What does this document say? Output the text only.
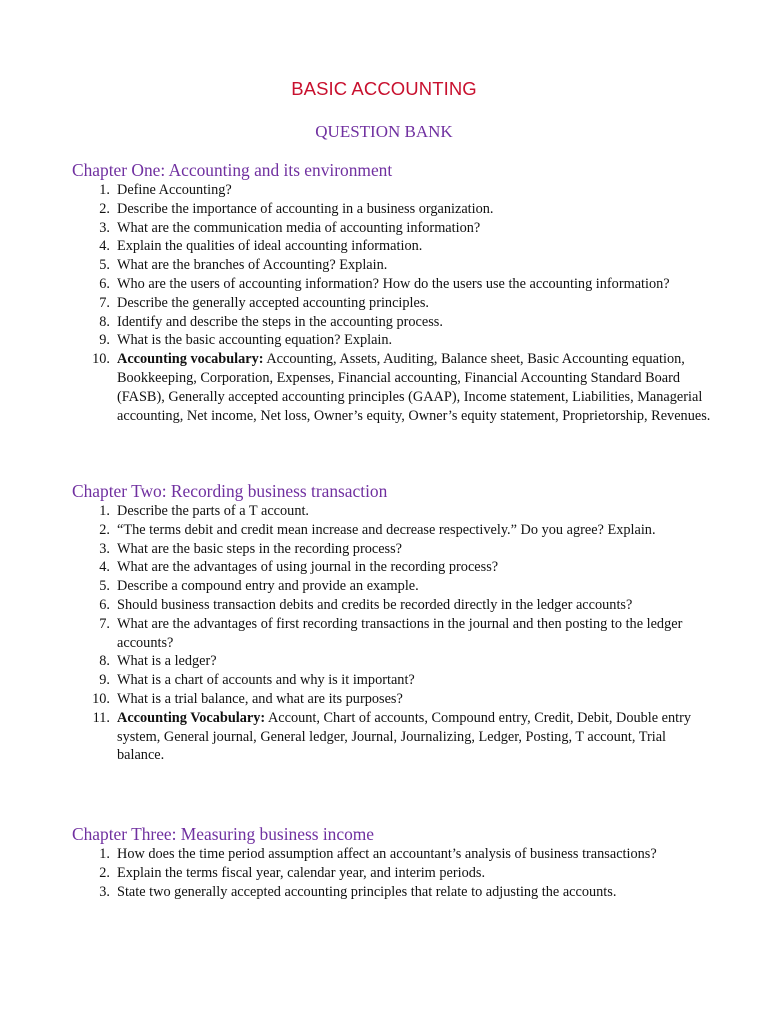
BASIC ACCOUNTING
QUESTION BANK
Chapter One: Accounting and its environment
1. Define Accounting?
2. Describe the importance of accounting in a business organization.
3. What are the communication media of accounting information?
4. Explain the qualities of ideal accounting information.
5. What are the branches of Accounting? Explain.
6. Who are the users of accounting information? How do the users use the accounting information?
7. Describe the generally accepted accounting principles.
8. Identify and describe the steps in the accounting process.
9. What is the basic accounting equation? Explain.
10. Accounting vocabulary: Accounting, Assets, Auditing, Balance sheet, Basic Accounting equation, Bookkeeping, Corporation, Expenses, Financial accounting, Financial Accounting Standard Board (FASB), Generally accepted accounting principles (GAAP), Income statement, Liabilities, Managerial accounting, Net income, Net loss, Owner’s equity, Owner’s equity statement, Proprietorship, Revenues.
Chapter Two: Recording business transaction
1. Describe the parts of a T account.
2. “The terms debit and credit mean increase and decrease respectively.” Do you agree? Explain.
3. What are the basic steps in the recording process?
4. What are the advantages of using journal in the recording process?
5. Describe a compound entry and provide an example.
6. Should business transaction debits and credits be recorded directly in the ledger accounts?
7. What are the advantages of first recording transactions in the journal and then posting to the ledger accounts?
8. What is a ledger?
9. What is a chart of accounts and why is it important?
10. What is a trial balance, and what are its purposes?
11. Accounting Vocabulary: Account, Chart of accounts, Compound entry, Credit, Debit, Double entry system, General journal, General ledger, Journal, Journalizing, Ledger, Posting, T account, Trial balance.
Chapter Three: Measuring business income
1. How does the time period assumption affect an accountant’s analysis of business transactions?
2. Explain the terms fiscal year, calendar year, and interim periods.
3. State two generally accepted accounting principles that relate to adjusting the accounts.
